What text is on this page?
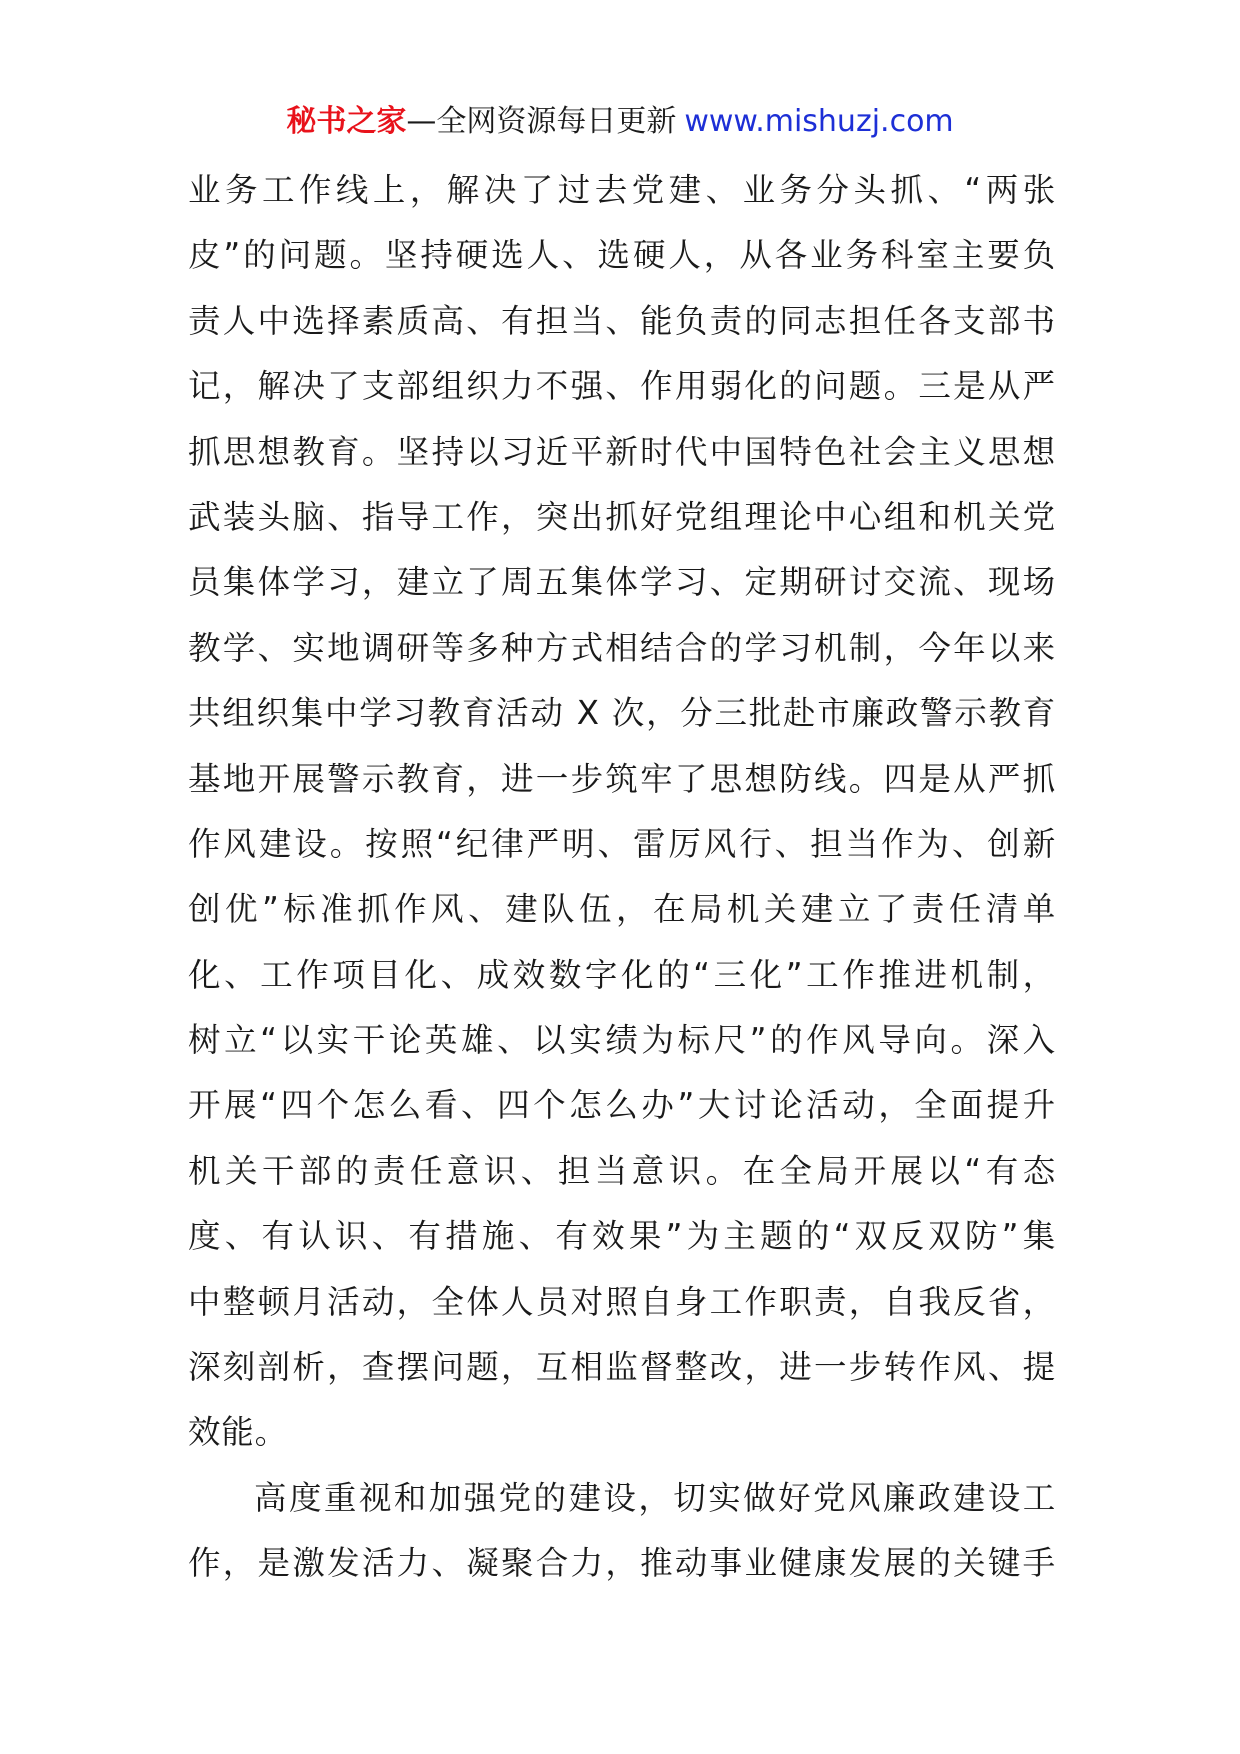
秘书之家—全网资源每日更新 www.mishuzj.com
业务工作线上，解决了过去党建、业务分头抓、“两张
皮”的问题。坚持硬选人、选硬人，从各业务科室主要负
责人中选择素质高、有担当、能负责的同志担任各支部书
记，解决了支部组织力不强、作用弱化的问题。三是从严
抓思想教育。坚持以习近平新时代中国特色社会主义思想
武装头脑、指导工作，突出抓好党组理论中心组和机关党
员集体学习，建立了周五集体学习、定期研讨交流、现场
教学、实地调研等多种方式相结合的学习机制，今年以来
共组织集中学习教育活动 X 次，分三批赴市廉政警示教育
基地开展警示教育，进一步筑牢了思想防线。四是从严抓
作风建设。按照“纪律严明、雷厉风行、担当作为、创新
创优”标准抓作风、建队伍，在局机关建立了责任清单
化、工作项目化、成效数字化的“三化”工作推进机制，
树立“以实干论英雄、以实绩为标尺”的作风导向。深入
开展“四个怎么看、四个怎么办”大讨论活动，全面提升
机关干部的责任意识、担当意识。在全局开展以“有态
度、有认识、有措施、有效果”为主题的“双反双防”集
中整顿月活动，全体人员对照自身工作职责，自我反省，
深刻剖析，查摆问题，互相监督整改，进一步转作风、提
效能。
高度重视和加强党的建设，切实做好党风廉政建设工
作，是激发活力、凝聚合力，推动事业健康发展的关键手
